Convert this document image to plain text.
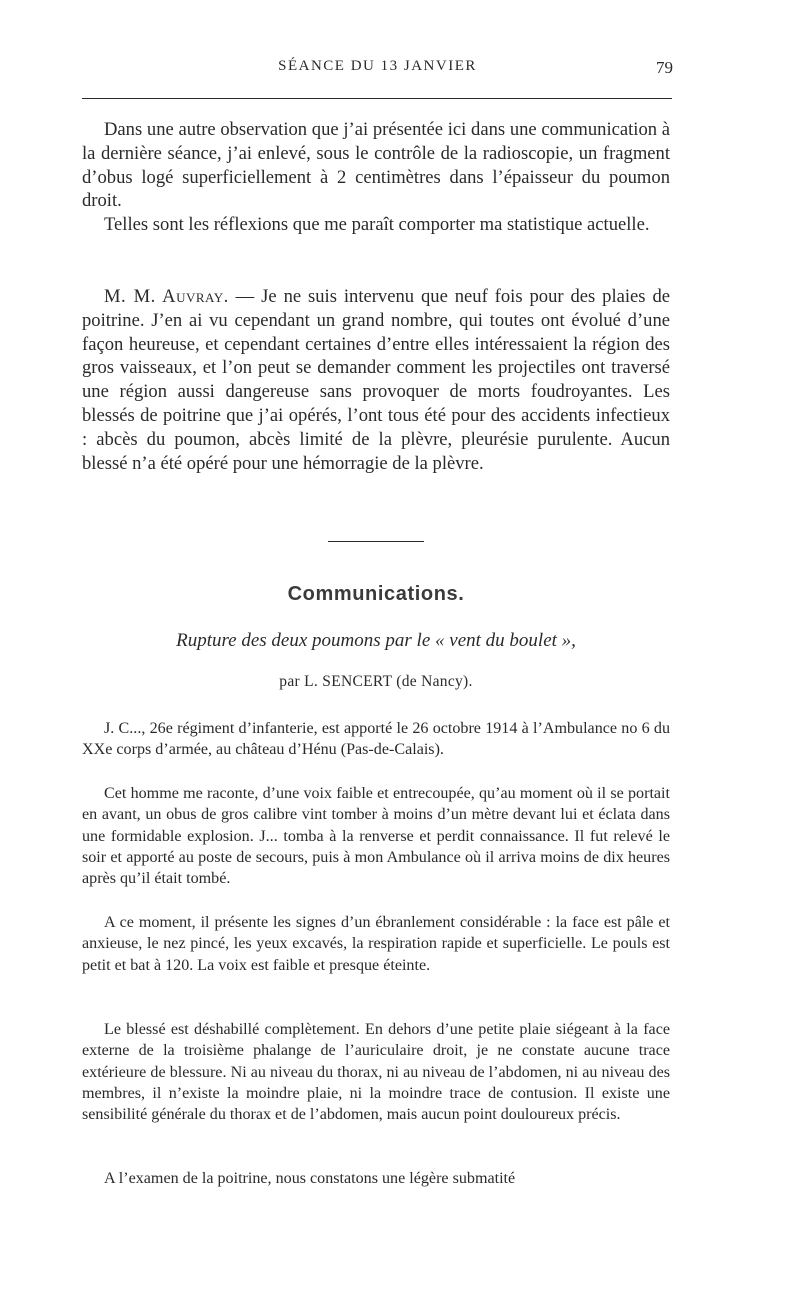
SÉANCE DU 13 JANVIER	79

Dans une autre observation que j’ai présentée ici dans une communication à la dernière séance, j’ai enlevé, sous le contrôle de la radioscopie, un fragment d’obus logé superficiellement à 2 centimètres dans l’épaisseur du poumon droit.

Telles sont les réflexions que me paraît comporter ma statistique actuelle.

M. M. Auvray. — Je ne suis intervenu que neuf fois pour des plaies de poitrine. J’en ai vu cependant un grand nombre, qui toutes ont évolué d’une façon heureuse, et cependant certaines d’entre elles intéressaient la région des gros vaisseaux, et l’on peut se demander comment les projectiles ont traversé une région aussi dangereuse sans provoquer de morts foudroyantes. Les blessés de poitrine que j’ai opérés, l’ont tous été pour des accidents infectieux : abcès du poumon, abcès limité de la plèvre, pleurésie purulente. Aucun blessé n’a été opéré pour une hémorragie de la plèvre.

Communications.
Rupture des deux poumons par le « vent du boulet »,
par L. SENCERT (de Nancy).

J. C..., 26e régiment d’infanterie, est apporté le 26 octobre 1914 à l’Ambulance no 6 du XXe corps d’armée, au château d’Hénu (Pas-de-Calais).

Cet homme me raconte, d’une voix faible et entrecoupée, qu’au moment où il se portait en avant, un obus de gros calibre vint tomber à moins d’un mètre devant lui et éclata dans une formidable explosion. J... tomba à la renverse et perdit connaissance. Il fut relevé le soir et apporté au poste de secours, puis à mon Ambulance où il arriva moins de dix heures après qu’il était tombé.

A ce moment, il présente les signes d’un ébranlement considérable : la face est pâle et anxieuse, le nez pincé, les yeux excavés, la respiration rapide et superficielle. Le pouls est petit et bat à 120. La voix est faible et presque éteinte.

Le blessé est déshabillé complètement. En dehors d’une petite plaie siégeant à la face externe de la troisième phalange de l’auriculaire droit, je ne constate aucune trace extérieure de blessure. Ni au niveau du thorax, ni au niveau de l’abdomen, ni au niveau des membres, il n’existe la moindre plaie, ni la moindre trace de contusion. Il existe une sensibilité générale du thorax et de l’abdomen, mais aucun point douloureux précis.

A l’examen de la poitrine, nous constatons une légère submatité
